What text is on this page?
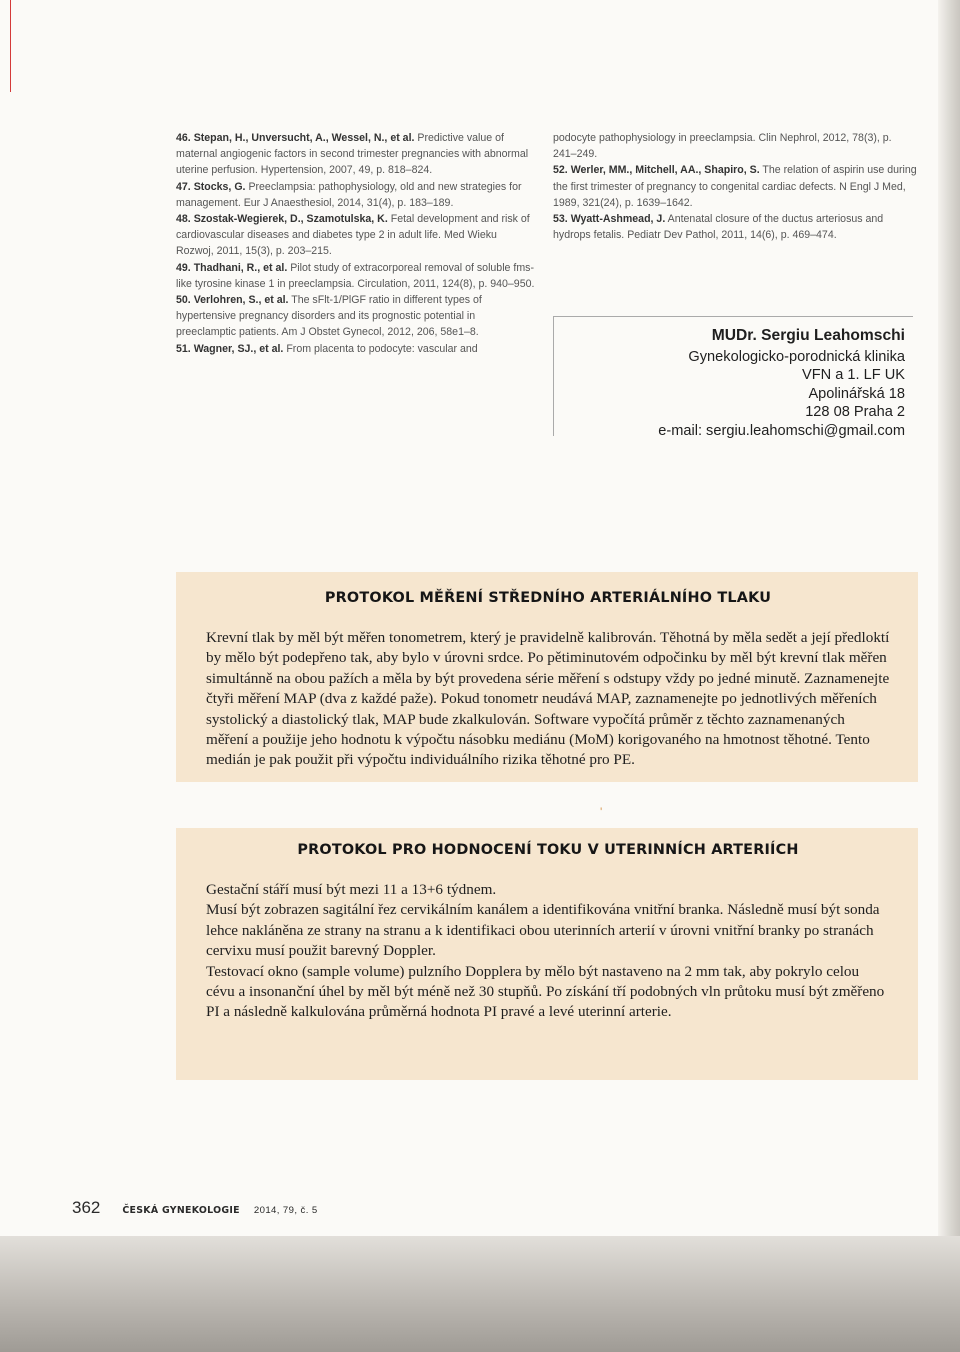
46. Stepan, H., Unversucht, A., Wessel, N., et al. Predictive value of maternal angiogenic factors in second trimester pregnancies with abnormal uterine perfusion. Hypertension, 2007, 49, p. 818–824.

47. Stocks, G. Preeclampsia: pathophysiology, old and new strategies for management. Eur J Anaesthesiol, 2014, 31(4), p. 183–189.

48. Szostak-Wegierek, D., Szamotulska, K. Fetal development and risk of cardiovascular diseases and diabetes type 2 in adult life. Med Wieku Rozwoj, 2011, 15(3), p. 203–215.

49. Thadhani, R., et al. Pilot study of extracorporeal removal of soluble fms-like tyrosine kinase 1 in preeclampsia. Circulation, 2011, 124(8), p. 940–950.

50. Verlohren, S., et al. The sFlt-1/PlGF ratio in different types of hypertensive pregnancy disorders and its prognostic potential in preeclamptic patients. Am J Obstet Gynecol, 2012, 206, 58e1–8.

51. Wagner, SJ., et al. From placenta to podocyte: vascular and

podocyte pathophysiology in preeclampsia. Clin Nephrol, 2012, 78(3), p. 241–249.

52. Werler, MM., Mitchell, AA., Shapiro, S. The relation of aspirin use during the first trimester of pregnancy to congenital cardiac defects. N Engl J Med, 1989, 321(24), p. 1639–1642.

53. Wyatt-Ashmead, J. Antenatal closure of the ductus arteriosus and hydrops fetalis. Pediatr Dev Pathol, 2011, 14(6), p. 469–474.

MUDr. Sergiu Leahomschi
Gynekologicko-porodnická klinika
VFN a 1. LF UK
Apolinářská 18
128 08 Praha 2
e-mail: sergiu.leahomschi@gmail.com
PROTOKOL MĚŘENÍ STŘEDNÍHO ARTERIÁLNÍHO TLAKU

Krevní tlak by měl být měřen tonometrem, který je pravidelně kalibrován. Těhotná by měla sedět a její předloktí by mělo být podepřeno tak, aby bylo v úrovni srdce. Po pětiminutovém odpočinku by měl být krevní tlak měřen simultánně na obou pažích a měla by být provedena série měření s odstupy vždy po jedné minutě. Zaznamenejte čtyři měření MAP (dva z každé paže). Pokud tonometr neudává MAP, zaznamenejte po jednotlivých měřeních systolický a diastolický tlak, MAP bude zkalkulován. Software vypočítá průměr z těchto zaznamenaných měření a použije jeho hodnotu k výpočtu násobku mediánu (MoM) korigovaného na hmotnost těhotné. Tento medián je pak použit při výpočtu individuálního rizika těhotné pro PE.

'
PROTOKOL PRO HODNOCENÍ TOKU V UTERINNÍCH ARTERIÍCH

Gestační stáří musí být mezi 11 a 13+6 týdnem.

Musí být zobrazen sagitální řez cervikálním kanálem a identifikována vnitřní branka. Následně musí být sonda lehce nakláněna ze strany na stranu a k identifikaci obou uterinních arterií v úrovni vnitřní branky po stranách cervixu musí použit barevný Doppler.

Testovací okno (sample volume) pulzního Dopplera by mělo být nastaveno na 2 mm tak, aby pokrylo celou cévu a insonanční úhel by měl být méně než 30 stupňů. Po získání tří podobných vln průtoku musí být změřeno PI a následně kalkulována průměrná hodnota PI pravé a levé uterinní arterie.

362 ČESKÁ GYNEKOLOGIE 2014, 79, č. 5
